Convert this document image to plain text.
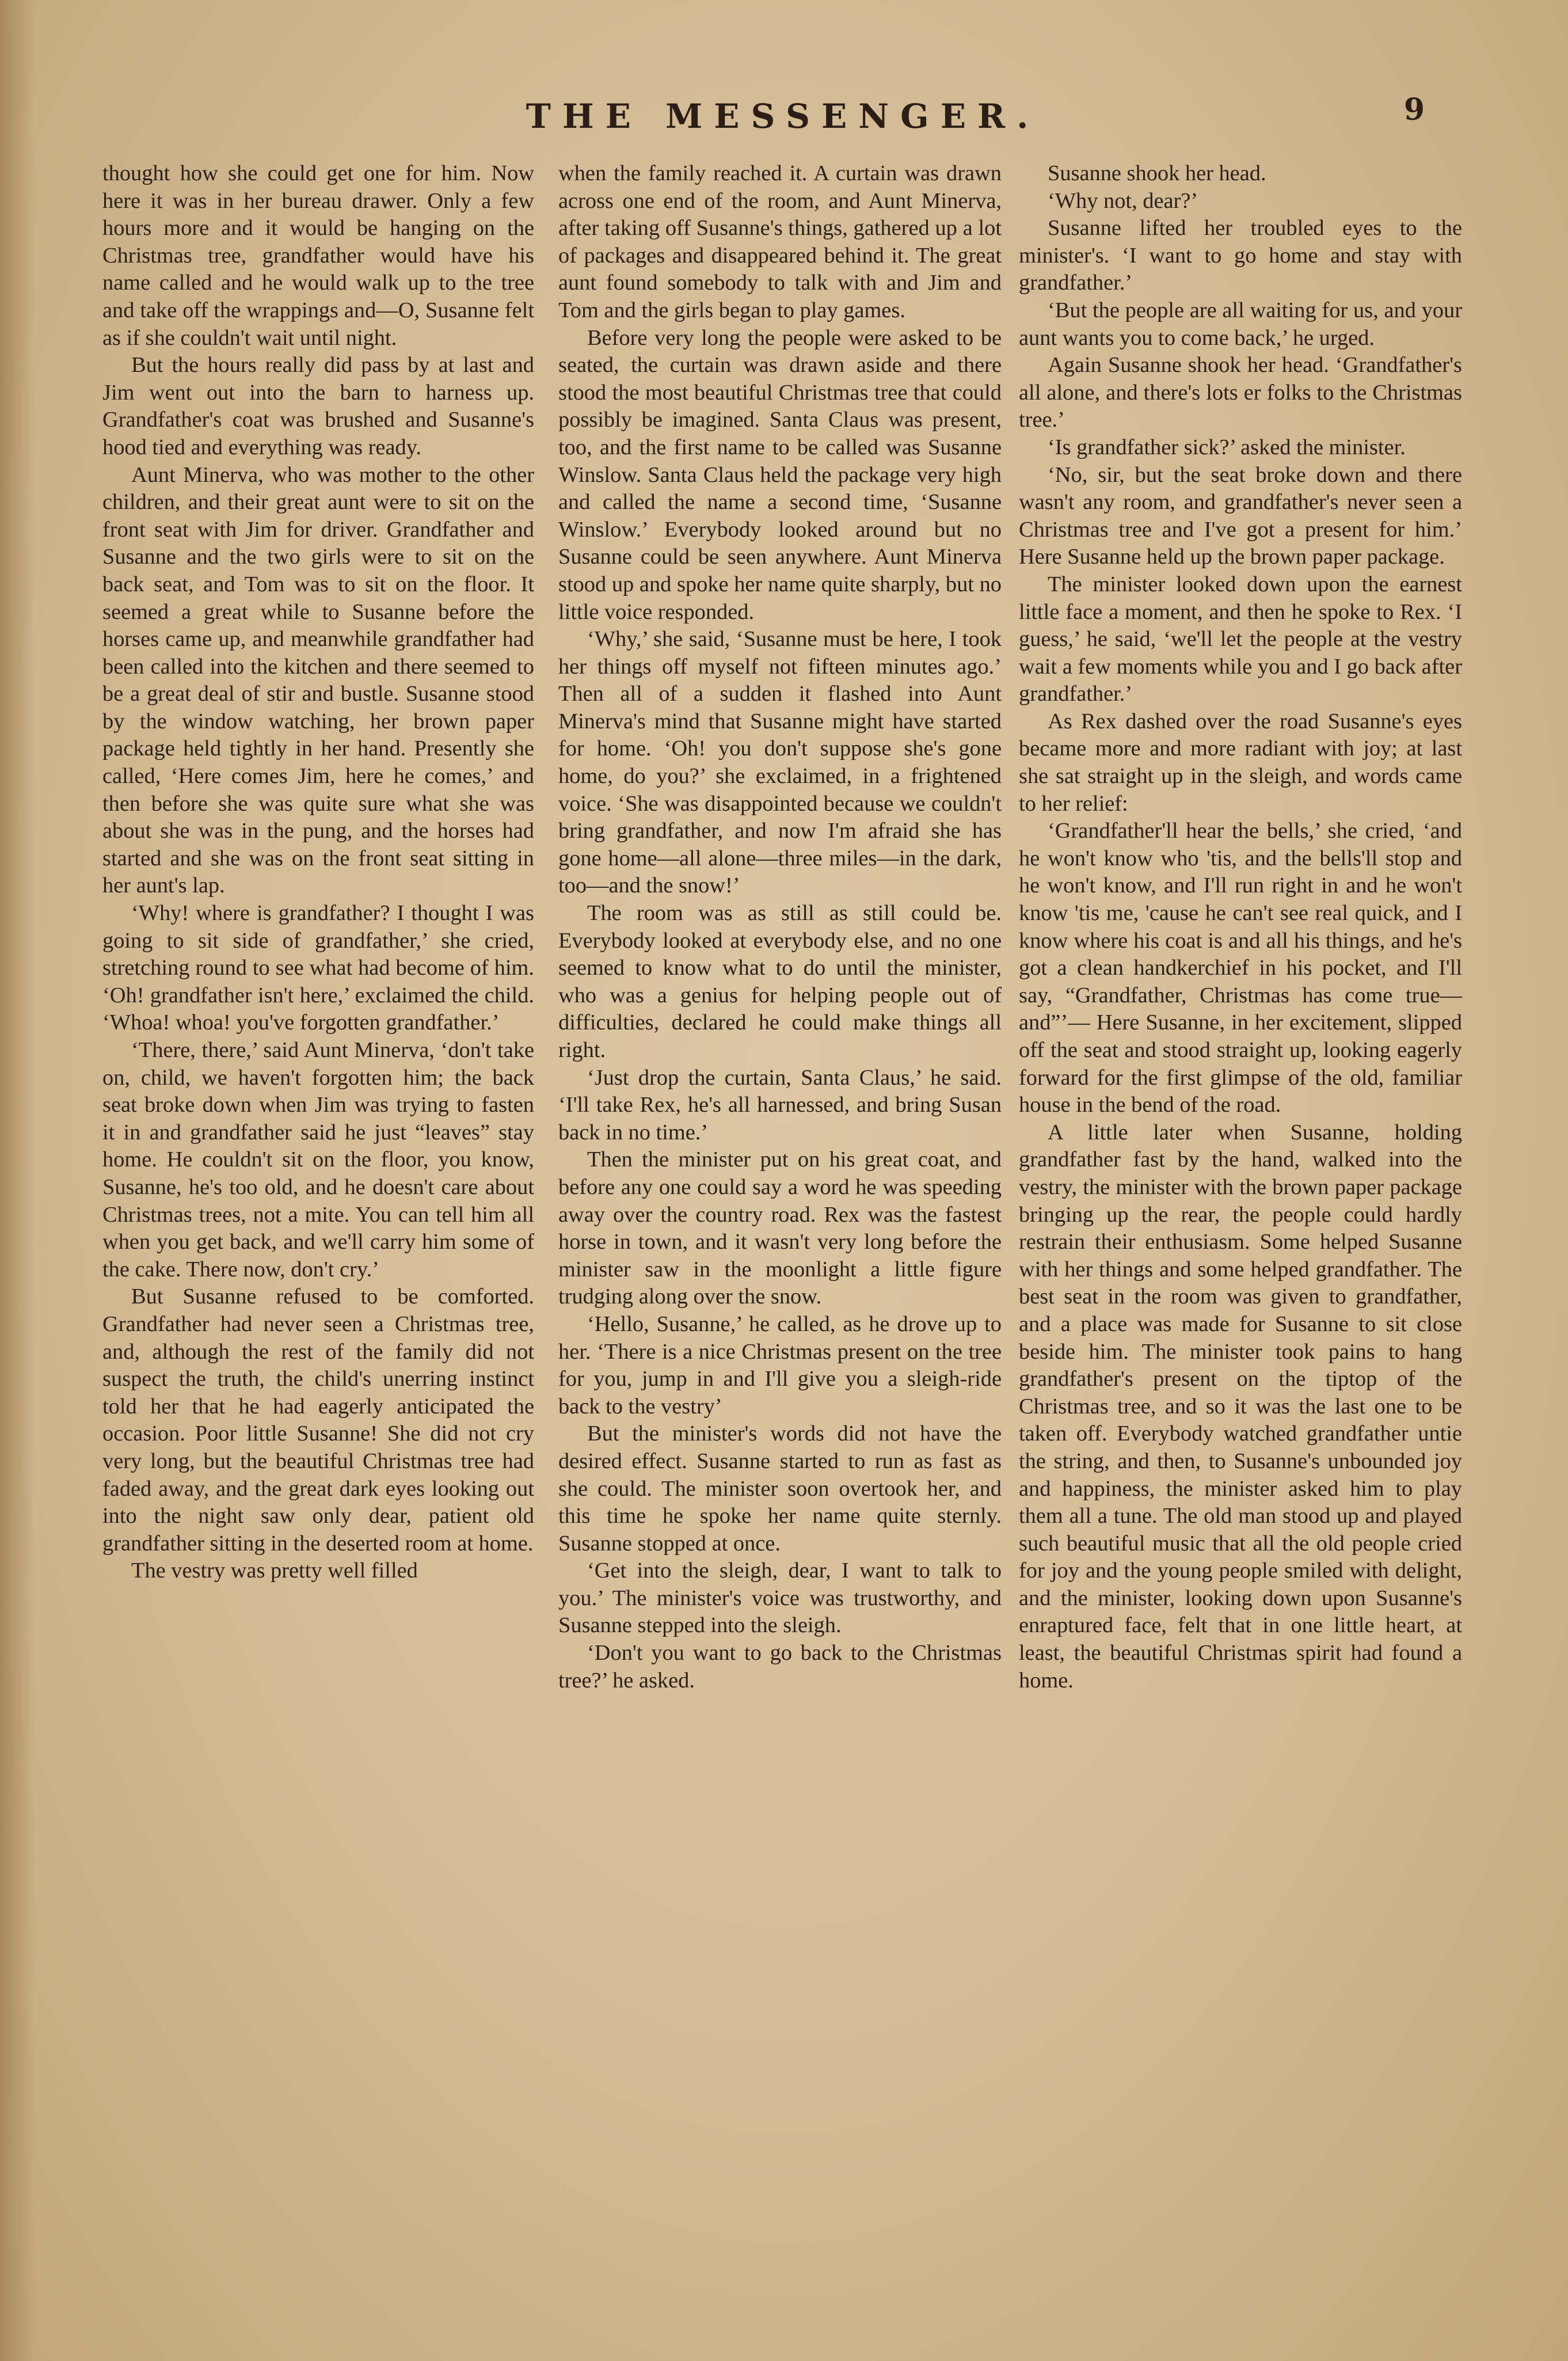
THE MESSENGER.	9

thought how she could get one for him. Now here it was in her bureau drawer. Only a few hours more and it would be hanging on the Christmas tree, grandfather would have his name called and he would walk up to the tree and take off the wrappings and—O, Susanne felt as if she couldn't wait until night.

But the hours really did pass by at last and Jim went out into the barn to harness up. Grandfather's coat was brushed and Susanne's hood tied and everything was ready.

Aunt Minerva, who was mother to the other children, and their great aunt were to sit on the front seat with Jim for driver. Grandfather and Susanne and the two girls were to sit on the back seat, and Tom was to sit on the floor. It seemed a great while to Susanne before the horses came up, and meanwhile grandfather had been called into the kitchen and there seemed to be a great deal of stir and bustle. Susanne stood by the window watching, her brown paper package held tightly in her hand. Presently she called, ‘Here comes Jim, here he comes,’ and then before she was quite sure what she was about she was in the pung, and the horses had started and she was on the front seat sitting in her aunt's lap.

‘Why! where is grandfather? I thought I was going to sit side of grandfather,’ she cried, stretching round to see what had become of him. ‘Oh! grandfather isn't here,’ exclaimed the child. ‘Whoa! whoa! you've forgotten grandfather.’

‘There, there,’ said Aunt Minerva, ‘don't take on, child, we haven't forgotten him; the back seat broke down when Jim was trying to fasten it in and grandfather said he just “leaves” stay home. He couldn't sit on the floor, you know, Susanne, he's too old, and he doesn't care about Christmas trees, not a mite. You can tell him all when you get back, and we'll carry him some of the cake. There now, don't cry.’

But Susanne refused to be comforted. Grandfather had never seen a Christmas tree, and, although the rest of the family did not suspect the truth, the child's unerring instinct told her that he had eagerly anticipated the occasion. Poor little Susanne! She did not cry very long, but the beautiful Christmas tree had faded away, and the great dark eyes looking out into the night saw only dear, patient old grandfather sitting in the deserted room at home.

The vestry was pretty well filled

when the family reached it. A curtain was drawn across one end of the room, and Aunt Minerva, after taking off Susanne's things, gathered up a lot of packages and disappeared behind it. The great aunt found somebody to talk with and Jim and Tom and the girls began to play games.

Before very long the people were asked to be seated, the curtain was drawn aside and there stood the most beautiful Christmas tree that could possibly be imagined. Santa Claus was present, too, and the first name to be called was Susanne Winslow. Santa Claus held the package very high and called the name a second time, ‘Susanne Winslow.’ Everybody looked around but no Susanne could be seen anywhere. Aunt Minerva stood up and spoke her name quite sharply, but no little voice responded.

‘Why,’ she said, ‘Susanne must be here, I took her things off myself not fifteen minutes ago.’ Then all of a sudden it flashed into Aunt Minerva's mind that Susanne might have started for home. ‘Oh! you don't suppose she's gone home, do you?’ she exclaimed, in a frightened voice. ‘She was disappointed because we couldn't bring grandfather, and now I'm afraid she has gone home—all alone—three miles—in the dark, too—and the snow!’

The room was as still as still could be. Everybody looked at everybody else, and no one seemed to know what to do until the minister, who was a genius for helping people out of difficulties, declared he could make things all right.

‘Just drop the curtain, Santa Claus,’ he said. ‘I'll take Rex, he's all harnessed, and bring Susan back in no time.’

Then the minister put on his great coat, and before any one could say a word he was speeding away over the country road. Rex was the fastest horse in town, and it wasn't very long before the minister saw in the moonlight a little figure trudging along over the snow.

‘Hello, Susanne,’ he called, as he drove up to her. ‘There is a nice Christmas present on the tree for you, jump in and I'll give you a sleigh-ride back to the vestry’

But the minister's words did not have the desired effect. Susanne started to run as fast as she could. The minister soon overtook her, and this time he spoke her name quite sternly. Susanne stopped at once.

‘Get into the sleigh, dear, I want to talk to you.’ The minister's voice was trustworthy, and Susanne stepped into the sleigh.

‘Don't you want to go back to the Christmas tree?’ he asked.

Susanne shook her head.

‘Why not, dear?’

Susanne lifted her troubled eyes to the minister's. ‘I want to go home and stay with grandfather.’

‘But the people are all waiting for us, and your aunt wants you to come back,’ he urged.

Again Susanne shook her head. ‘Grandfather's all alone, and there's lots er folks to the Christmas tree.’

‘Is grandfather sick?’ asked the minister.

‘No, sir, but the seat broke down and there wasn't any room, and grandfather's never seen a Christmas tree and I've got a present for him.’ Here Susanne held up the brown paper package.

The minister looked down upon the earnest little face a moment, and then he spoke to Rex. ‘I guess,’ he said, ‘we'll let the people at the vestry wait a few moments while you and I go back after grandfather.’

As Rex dashed over the road Susanne's eyes became more and more radiant with joy; at last she sat straight up in the sleigh, and words came to her relief:

‘Grandfather'll hear the bells,’ she cried, ‘and he won't know who 'tis, and the bells'll stop and he won't know, and I'll run right in and he won't know 'tis me, 'cause he can't see real quick, and I know where his coat is and all his things, and he's got a clean handkerchief in his pocket, and I'll say, “Grandfather, Christmas has come true—and”’— Here Susanne, in her excitement, slipped off the seat and stood straight up, looking eagerly forward for the first glimpse of the old, familiar house in the bend of the road.

A little later when Susanne, holding grandfather fast by the hand, walked into the vestry, the minister with the brown paper package bringing up the rear, the people could hardly restrain their enthusiasm. Some helped Susanne with her things and some helped grandfather. The best seat in the room was given to grandfather, and a place was made for Susanne to sit close beside him. The minister took pains to hang grandfather's present on the tiptop of the Christmas tree, and so it was the last one to be taken off. Everybody watched grandfather untie the string, and then, to Susanne's unbounded joy and happiness, the minister asked him to play them all a tune. The old man stood up and played such beautiful music that all the old people cried for joy and the young people smiled with delight, and the minister, looking down upon Susanne's enraptured face, felt that in one little heart, at least, the beautiful Christmas spirit had found a home.
